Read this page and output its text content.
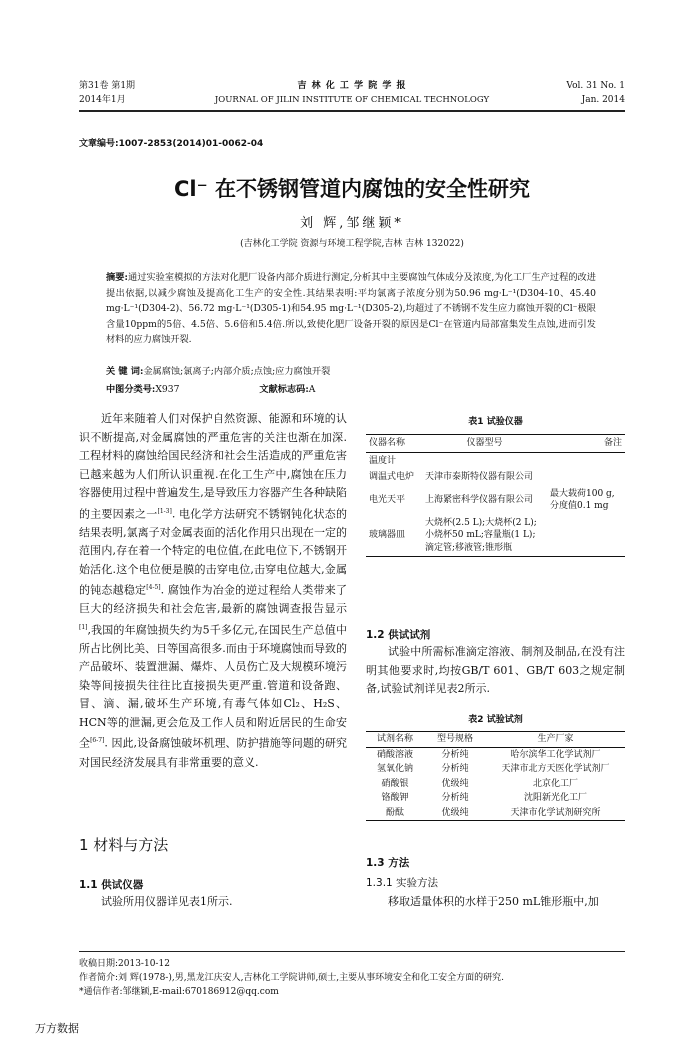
第31卷 第1期
2014年1月
吉 林 化 工 学 院 学 报
JOURNAL OF JILIN INSTITUTE OF CHEMICAL TECHNOLOGY
Vol. 31 No. 1
Jan. 2014
文章编号:1007-2853(2014)01-0062-04
Cl⁻ 在不锈钢管道内腐蚀的安全性研究
刘 辉,邹继颖*
(吉林化工学院 资源与环境工程学院,吉林 吉林 132022)
摘要:通过实验室模拟的方法对化肥厂设备内部介质进行测定,分析其中主要腐蚀气体成分及浓度,为化工厂生产过程的改进提出依据,以减少腐蚀及提高化工生产的安全性.其结果表明:平均氯离子浓度分别为50.96 mg·L⁻¹(D304-10、45.40 mg·L⁻¹(D304-2)、56.72 mg·L⁻¹(D305-1)和54.95 mg·L⁻¹(D305-2),均超过了不锈钢不发生应力腐蚀开裂的Cl⁻极限含量10ppm的5倍、4.5倍、5.6倍和5.4倍.所以,致使化肥厂设备开裂的原因是Cl⁻在管道内局部富集发生点蚀,进而引发材料的应力腐蚀开裂.
关 键 词:金属腐蚀;氯离子;内部介质;点蚀;应力腐蚀开裂
中图分类号:X937	文献标志码:A
近年来随着人们对保护自然资源、能源和环境的认识不断提高,对金属腐蚀的严重危害的关注也渐在加深.工程材料的腐蚀给国民经济和社会生活造成的严重危害已越来越为人们所认识重视.在化工生产中,腐蚀在压力容器使用过程中普遍发生,是导致压力容器产生各种缺陷的主要因素之一[1-3]. 电化学方法研究不锈钢钝化状态的结果表明,氯离子对金属表面的活化作用只出现在一定的范围内,存在着一个特定的电位值,在此电位下,不锈钢开始活化.这个电位便是膜的击穿电位,击穿电位越大,金属的钝态越稳定[4-5]. 腐蚀作为冶金的逆过程给人类带来了巨大的经济损失和社会危害,最新的腐蚀调查报告显示[1],我国的年腐蚀损失约为5千多亿元,在国民生产总值中所占比例比美、日等国高很多.而由于环境腐蚀而导致的产品破坏、装置泄漏、爆炸、人员伤亡及大规模环境污染等间接损失往往比直接损失更严重.管道和设备跑、冒、滴、漏,破坏生产环境,有毒气体如Cl₂、H₂S、HCN等的泄漏,更会危及工作人员和附近居民的生命安全[6-7]. 因此,设备腐蚀破坏机理、防护措施等问题的研究对国民经济发展具有非常重要的意义.
1 材料与方法
1.1 供试仪器
试验所用仪器详见表1所示.
表1 试验仪器
仪器名称	仪器型号	备注
温度计		
调温式电炉	天津市泰斯特仪器有限公司	
电光天平	上海紧密科学仪器有限公司	最大载荷100 g,分度值0.1 mg
玻璃器皿	大烧杯(2.5 L);大烧杯(2 L);小烧杯50 mL;容量瓶(1 L);滴定管;移液管;锥形瓶	
1.2 供试试剂
试验中所需标准滴定溶液、制剂及制品,在没有注明其他要求时,均按GB/T 601、GB/T 603之规定制备,试验试剂详见表2所示.
表2 试验试剂
试剂名称	型号规格	生产厂家
硝酸溶液	分析纯	哈尔滨华工化学试剂厂
氢氧化钠	分析纯	天津市北方天医化学试剂厂
硝酸银	优级纯	北京化工厂
铬酸钾	分析纯	沈阳新光化工厂
酚酞	优级纯	天津市化学试剂研究所
1.3 方法
1.3.1 实验方法
移取适量体积的水样于250 mL锥形瓶中,加
收稿日期:2013-10-12
作者简介:刘 辉(1978-),男,黑龙江庆安人,吉林化工学院讲师,硕士,主要从事环境安全和化工安全方面的研究.
*通信作者:邹继颖,E-mail:670186912@qq.com
万方数据
